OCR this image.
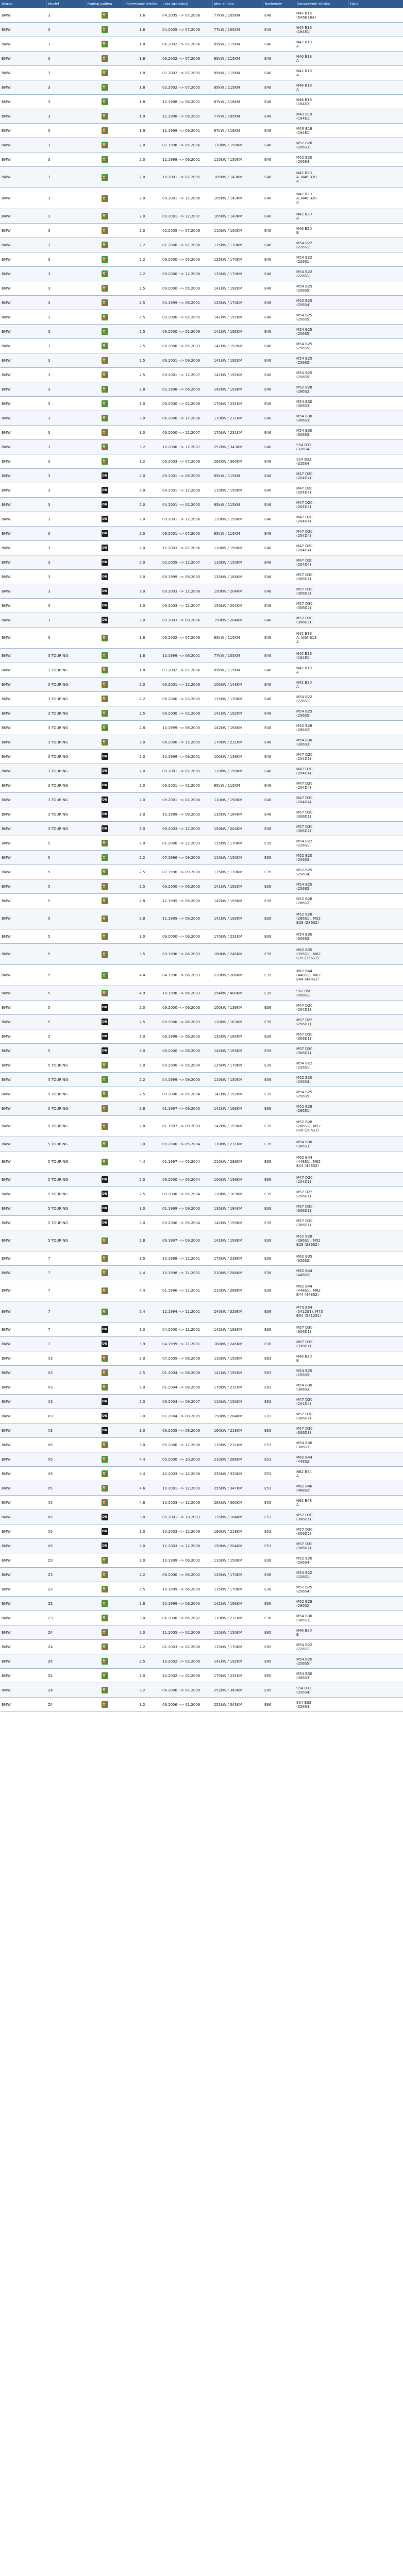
Marka	Model	Rodzaj paliwa	Pojemność silnika	Lata produkcji	Moc silnika	Nadwozie	Oznaczenie silnika	Opis
BMW	3	⛽	1.6	04.2005 --> 07.2006	77kW / 105KM	E46	N45 B16
(N45B16A)	

BMW	3	⛽	1.6	04.2005 --> 07.2006	77kW / 105KM	E46	N45 B16
(164E1)	

BMW	3	⛽	1.8	06.2002 --> 07.2006	85kW / 115KM	E46	N42 B18
A	

BMW	3	⛽	1.8	06.2002 --> 07.2006	85kW / 115KM	E46	N46 B18
A	

BMW	3	⛽	1.8	02.2002 --> 07.2005	85kW / 115KM	E46	N42 B18
A	

BMW	3	⛽	1.8	02.2002 --> 07.2005	85kW / 115KM	E46	N46 B18
A	

BMW	3	⛽	1.8	12.1998 --> 06.2001	87kW / 118KM	E46	N46 B18
(164E2)	

BMW	3	⛽	1.9	12.1998 --> 09.2001	77kW / 105KM	E46	M43 B19
(194E1)	

BMW	3	⛽	1.9	11.1999 --> 09.2001	87kW / 118KM	E46	M43 B19
(194E1)	

BMW	3	⛽	2.0	07.1998 --> 05.2006	110kW / 150KM	E46	M52 B20
(206S3)	

BMW	3	⛽	2.0	12.1998 --> 06.2001	110kW / 150KM	E46	M52 B20
(206S4)	

BMW	3	⛽	2.0	10.2001 --> 02.2005	105kW / 143KM	E46	N42 B20
A, N46 B20
A	

BMW	3	⛽	2.0	09.2001 --> 12.2006	105kW / 143KM	E46	N42 B20
A, N46 B20
A	

BMW	3	⛽	2.0	09.2001 --> 12.2007	105kW / 143KM	E46	N42 B20
A	

BMW	3	⛽	2.0	02.2005 --> 07.2006	110kW / 150KM	E46	N46 B20
B	

BMW	3	⛽	2.2	01.2000 --> 07.2006	125kW / 170KM	E46	M54 B22
(226S1)	

BMW	3	⛽	2.2	09.2000 --> 05.2003	125kW / 170KM	E46	M54 B22
(226S1)	

BMW	3	⛽	2.2	09.2000 --> 12.2006	125kW / 170KM	E46	M54 B22
(226S1)	

BMW	3	⛽	2.5	09.2000 --> 05.2003	141kW / 192KM	E46	M54 B25
(256S5)	

BMW	3	⛽	2.5	04.1999 --> 06.2001	125kW / 170KM	E46	M52 B25
(256S4)	

BMW	3	⛽	2.5	09.2000 --> 02.2005	141kW / 192KM	E46	M54 B25
(256S5)	

BMW	3	⛽	2.5	09.2000 --> 02.2006	141kW / 192KM	E46	M54 B25
(256S5)	

BMW	3	⛽	2.5	08.2000 --> 05.2003	141kW / 192KM	E46	M54 B25
(256S5)	

BMW	3	⛽	2.5	06.2001 --> 09.2006	141kW / 192KM	E46	M54 B25
(256S5)	

BMW	3	⛽	2.5	09.2001 --> 12.2007	141kW / 192KM	E46	M54 B25
(256S5)	

BMW	3	⛽	2.8	02.1998 --> 06.2000	142kW / 193KM	E46	M52 B28
(286S2)	

BMW	3	⛽	3.0	06.2000 --> 02.2006	170kW / 231KM	E46	M54 B30
(306S3)	

BMW	3	⛽	3.0	06.2000 --> 12.2006	170kW / 231KM	E46	M54 B30
(306S3)	

BMW	3	⛽	3.0	06.2000 --> 12.2007	170kW / 231KM	E46	M54 B30
(306S3)	

BMW	3	⛽	3.2	10.2000 --> 12.2007	252kW / 343KM	E46	S54 B32
(326S4)	

BMW	3	⛽	3.2	06.2003 --> 07.2006	265kW / 360KM	E46	S54 B32
(326S4)	

BMW	3	ON	2.0	09.2001 --> 09.2005	85kW / 115KM	E46	M47 D20
(204D4)	

BMW	3	ON	2.0	09.2001 --> 12.2006	110kW / 150KM	E46	M47 D20
(204D4)	

BMW	3	ON	2.0	04.2001 --> 02.2005	85kW / 115KM	E46	M47 D20
(204D4)	

BMW	3	ON	2.0	09.2001 --> 12.2006	110kW / 150KM	E46	M47 D20
(204D4)	

BMW	3	ON	2.0	09.2001 --> 07.2005	85kW / 115KM	E46	M47 D20
(204D4)	

BMW	3	ON	2.0	11.2003 --> 07.2006	110kW / 150KM	E46	M47 D20
(204D4)	

BMW	3	ON	2.0	02.2005 --> 12.2007	110kW / 150KM	E46	M47 D20
(204D4)	

BMW	3	ON	3.0	09.1999 --> 09.2003	135kW / 184KM	E46	M57 D30
(306D1)	

BMW	3	ON	3.0	09.2003 --> 12.2006	150kW / 204KM	E46	M57 D30
(306D2)	

BMW	3	ON	3.0	09.2003 --> 12.2007	150kW / 204KM	E46	M57 D30
(306D2)	

BMW	3	ON	3.0	09.2003 --> 09.2006	150kW / 204KM	E46	M57 D30
(306D2)	

BMW	3	⛽	1.8	06.2002 --> 07.2006	85kW / 115KM	E46	N42 B18
A, N46 B18
A	

BMW	3 TOURING	⛽	1.6	10.1999 --> 06.2001	77kW / 105KM	E46	N45 B16
(164E1)	

BMW	3 TOURING	⛽	1.8	03.2002 --> 07.2006	85kW / 115KM	E46	N42 B18
A	

BMW	3 TOURING	⛽	2.0	09.2001 --> 12.2006	105kW / 143KM	E46	N42 B20
A	

BMW	3 TOURING	⛽	2.2	06.2000 --> 03.2005	125kW / 170KM	E46	M54 B22
(226S1)	

BMW	3 TOURING	⛽	2.5	06.2000 --> 02.2006	141kW / 192KM	E46	M54 B25
(256S5)	

BMW	3 TOURING	⛽	2.8	10.1999 --> 06.2000	142kW / 193KM	E46	M52 B28
(286S2)	

BMW	3 TOURING	⛽	3.0	06.2000 --> 12.2005	170kW / 231KM	E46	M54 B30
(306S3)	

BMW	3 TOURING	ON	2.0	10.1999 --> 09.2001	100kW / 136KM	E46	M47 D20
(204D1)	

BMW	3 TOURING	ON	2.0	09.2001 --> 02.2005	110kW / 150KM	E46	M47 D20
(204D4)	

BMW	3 TOURING	ON	2.0	09.2001 --> 02.2005	85kW / 115KM	E46	M47 D20
(204D4)	

BMW	3 TOURING	ON	2.0	09.2001 --> 02.2006	110kW / 150KM	E46	M47 D20
(204D4)	

BMW	3 TOURING	ON	3.0	10.1999 --> 09.2003	135kW / 184KM	E46	M57 D30
(306D1)	

BMW	3 TOURING	ON	3.0	09.2003 --> 12.2005	150kW / 204KM	E46	M57 D30
(306D2)	

BMW	5	⛽	2.0	01.2000 --> 12.2003	125kW / 170KM	E39	M54 B22
(226S1)	

BMW	5	⛽	2.2	07.1996 --> 09.2000	110kW / 150KM	E39	M52 B20
(206S3)	

BMW	5	⛽	2.5	07.1996 --> 09.2000	125kW / 170KM	E39	M52 B25
(256S4)	

BMW	5	⛽	2.5	09.2000 --> 06.2003	141kW / 192KM	E39	M54 B25
(256S5)	

BMW	5	⛽	2.8	11.1995 --> 09.2000	142kW / 193KM	E39	M52 B28
(286S2)	

BMW	5	⛽	2.8	11.1995 --> 09.2000	142kW / 193KM	E39	M52 B28
(286S1), M52
B28 (286S2)	

BMW	5	⛽	3.0	09.2000 --> 06.2003	170kW / 231KM	E39	M54 B30
(306S3)	

BMW	5	⛽	3.5	09.1996 --> 06.2003	180kW / 245KM	E39	M62 B35
(356S1), M62
B35 (356S2)	

BMW	5	⛽	4.4	04.1996 --> 06.2003	210kW / 286KM	E39	M62 B44
(448S1), M62
B44 (448S2)	

BMW	5	⛽	4.9	10.1998 --> 06.2003	294kW / 400KM	E39	S62 B50
(508S1)	

BMW	5	ON	2.0	09.2000 --> 06.2003	100kW / 136KM	E39	M47 D20
(204D1)	

BMW	5	ON	2.5	09.2000 --> 06.2003	120kW / 163KM	E39	M57 D25
(256D1)	

BMW	5	ON	3.0	08.1998 --> 06.2003	135kW / 184KM	E39	M57 D30
(306D1)	

BMW	5	ON	3.0	09.2000 --> 06.2003	142kW / 193KM	E39	M57 D30
(306D1)	

BMW	5 TOURING	⛽	2.0	09.2000 --> 05.2004	125kW / 170KM	E39	M54 B22
(226S1)	

BMW	5 TOURING	⛽	2.2	04.1999 --> 09.2000	110kW / 150KM	E39	M52 B20
(206S4)	

BMW	5 TOURING	⛽	2.5	09.2000 --> 05.2004	141kW / 192KM	E39	M54 B25
(256S5)	

BMW	5 TOURING	⛽	2.8	01.1997 --> 09.2000	142kW / 193KM	E39	M52 B28
(286S1)	

BMW	5 TOURING	⛽	2.8	01.1997 --> 09.2000	142kW / 193KM	E39	M52 B28
(286S1), M52
B28 (286S2)	

BMW	5 TOURING	⛽	3.0	09.2000 --> 05.2004	170kW / 231KM	E39	M54 B30
(306S3)	

BMW	5 TOURING	⛽	4.4	01.1997 --> 05.2004	210kW / 286KM	E39	M62 B44
(448S1), M62
B44 (448S2)	

BMW	5 TOURING	ON	2.0	09.2000 --> 05.2004	100kW / 136KM	E39	M47 D20
(204D1)	

BMW	5 TOURING	ON	2.5	09.2000 --> 05.2004	120kW / 163KM	E39	M57 D25
(256D1)	

BMW	5 TOURING	ON	3.0	01.1999 --> 09.2000	135kW / 184KM	E39	M57 D30
(306D1)	

BMW	5 TOURING	ON	3.0	09.2000 --> 05.2004	142kW / 193KM	E39	M57 D30
(306D1)	

BMW	5 TOURING	⛽	2.8	06.1997 --> 09.2000	142kW / 193KM	E39	M52 B28
(286S1), M52
B28 (286S2)	

BMW	7	⛽	3.5	10.1998 --> 11.2001	175kW / 238KM	E38	M62 B35
(356S2)	

BMW	7	⛽	4.4	10.1998 --> 11.2001	210kW / 286KM	E38	M62 B44
(448S2)	

BMW	7	⛽	4.4	01.1996 --> 11.2001	210kW / 286KM	E38	M62 B44
(448S1), M62
B44 (448S2)	

BMW	7	⛽	5.4	12.1994 --> 11.2001	240kW / 326KM	E38	M73 B54
(5412S1), M73
B54 (5412S1)	

BMW	7	ON	3.0	04.2000 --> 11.2001	142kW / 193KM	E38	M57 D30
(306D1)	

BMW	7	ON	3.9	04.1999 --> 11.2001	180kW / 245KM	E38	M67 D39
(398D1)	

BMW	X3	⛽	2.0	07.2005 --> 08.2008	110kW / 150KM	E83	N46 B20
B	

BMW	X3	⛽	2.5	01.2004 --> 08.2006	141kW / 192KM	E83	M54 B25
(256S5)	

BMW	X3	⛽	3.0	01.2004 --> 08.2006	170kW / 231KM	E83	M54 B30
(306S3)	

BMW	X3	ON	2.0	06.2004 --> 09.2007	110kW / 150KM	E83	M47 D20
(204D4)	

BMW	X3	ON	3.0	01.2004 --> 08.2005	150kW / 204KM	E83	M57 D30
(306D2)	

BMW	X3	ON	3.0	08.2005 --> 08.2006	160kW / 218KM	E83	M57 D30
(306D3)	

BMW	X5	⛽	3.0	05.2000 --> 12.2006	170kW / 231KM	E53	M54 B30
(306S3)	

BMW	X5	⛽	4.4	05.2000 --> 10.2003	210kW / 286KM	E53	M62 B44
(448S2)	

BMW	X5	⛽	4.4	10.2003 --> 12.2006	235kW / 320KM	E53	N62 B44
A	

BMW	X5	⛽	4.6	10.2001 --> 12.2003	255kW / 347KM	E53	M62 B46
(468S2)	

BMW	X5	⛽	4.8	10.2003 --> 12.2006	265kW / 360KM	E53	N62 B48
A	

BMW	X5	ON	3.0	05.2001 --> 10.2003	135kW / 184KM	E53	M57 D30
(306D1)	

BMW	X5	ON	3.0	10.2003 --> 12.2006	160kW / 218KM	E53	M57 D30
(306D2)	

BMW	X5	ON	3.0	11.2003 --> 12.2006	150kW / 204KM	E53	M57 D30
(306D2)	

BMW	Z3	⛽	2.0	10.1999 --> 06.2002	110kW / 150KM	E36	M52 B20
(206S4)	

BMW	Z3	⛽	2.2	06.2000 --> 06.2002	125kW / 170KM	E36	M54 B22
(226S1)	

BMW	Z3	⛽	2.5	10.1999 --> 06.2000	125kW / 170KM	E36	M52 B25
(256S4)	

BMW	Z3	⛽	2.8	10.1999 --> 06.2000	142kW / 193KM	E36	M52 B28
(286S2)	

BMW	Z3	⛽	3.0	06.2000 --> 06.2002	170kW / 231KM	E36	M54 B30
(306S3)	

BMW	Z4	⛽	2.0	11.2005 --> 02.2009	110kW / 150KM	E85	N46 B20
B	

BMW	Z4	⛽	2.2	01.2003 --> 02.2006	125kW / 170KM	E85	M54 B22
(226S1)	

BMW	Z4	⛽	2.5	10.2002 --> 02.2006	141kW / 192KM	E85	M54 B25
(256S5)	

BMW	Z4	⛽	3.0	10.2002 --> 02.2006	170kW / 231KM	E85	M54 B30
(306S3)	

BMW	Z4	⛽	3.2	06.2006 --> 01.2009	252kW / 343KM	E85	S54 B32
(326S4)	

BMW	Z4	⛽	3.2	06.2006 --> 01.2009	252kW / 343KM	E86	S54 B32
(326S4)	
